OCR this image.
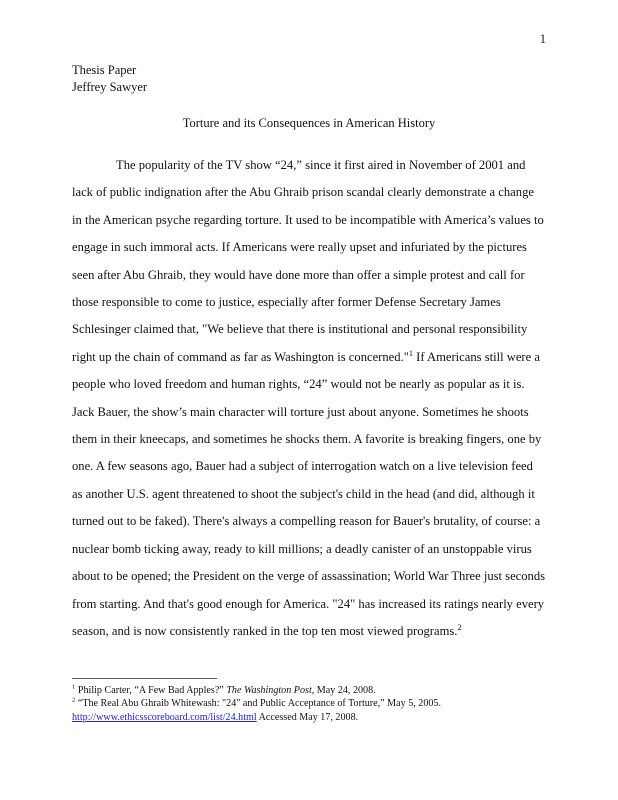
1
Thesis Paper
Jeffrey Sawyer
Torture and its Consequences in American History

The popularity of the TV show “24,” since it first aired in November of 2001 and lack of public indignation after the Abu Ghraib prison scandal clearly demonstrate a change in the American psyche regarding torture. It used to be incompatible with America’s values to engage in such immoral acts. If Americans were really upset and infuriated by the pictures seen after Abu Ghraib, they would have done more than offer a simple protest and call for those responsible to come to justice, especially after former Defense Secretary James Schlesinger claimed that, "We believe that there is institutional and personal responsibility right up the chain of command as far as Washington is concerned."$^1$ If Americans still were a people who loved freedom and human rights, “24” would not be nearly as popular as it is. Jack Bauer, the show’s main character will torture just about anyone. Sometimes he shoots them in their kneecaps, and sometimes he shocks them. A favorite is breaking fingers, one by one. A few seasons ago, Bauer had a subject of interrogation watch on a live television feed as another U.S. agent threatened to shoot the subject's child in the head (and did, although it turned out to be faked). There's always a compelling reason for Bauer's brutality, of course: a nuclear bomb ticking away, ready to kill millions; a deadly canister of an unstoppable virus about to be opened; the President on the verge of assassination; World War Three just seconds from starting. And that's good enough for America. "24" has increased its ratings nearly every season, and is now consistently ranked in the top ten most viewed programs.$^2$

$^1$ Philip Carter, “A Few Bad Apples?” The Washington Post, May 24, 2008.
$^2$ “The Real Abu Ghraib Whitewash: "24" and Public Acceptance of Torture,” May 5, 2005.
http://www.ethicsscoreboard.com/list/24.html Accessed May 17, 2008.
